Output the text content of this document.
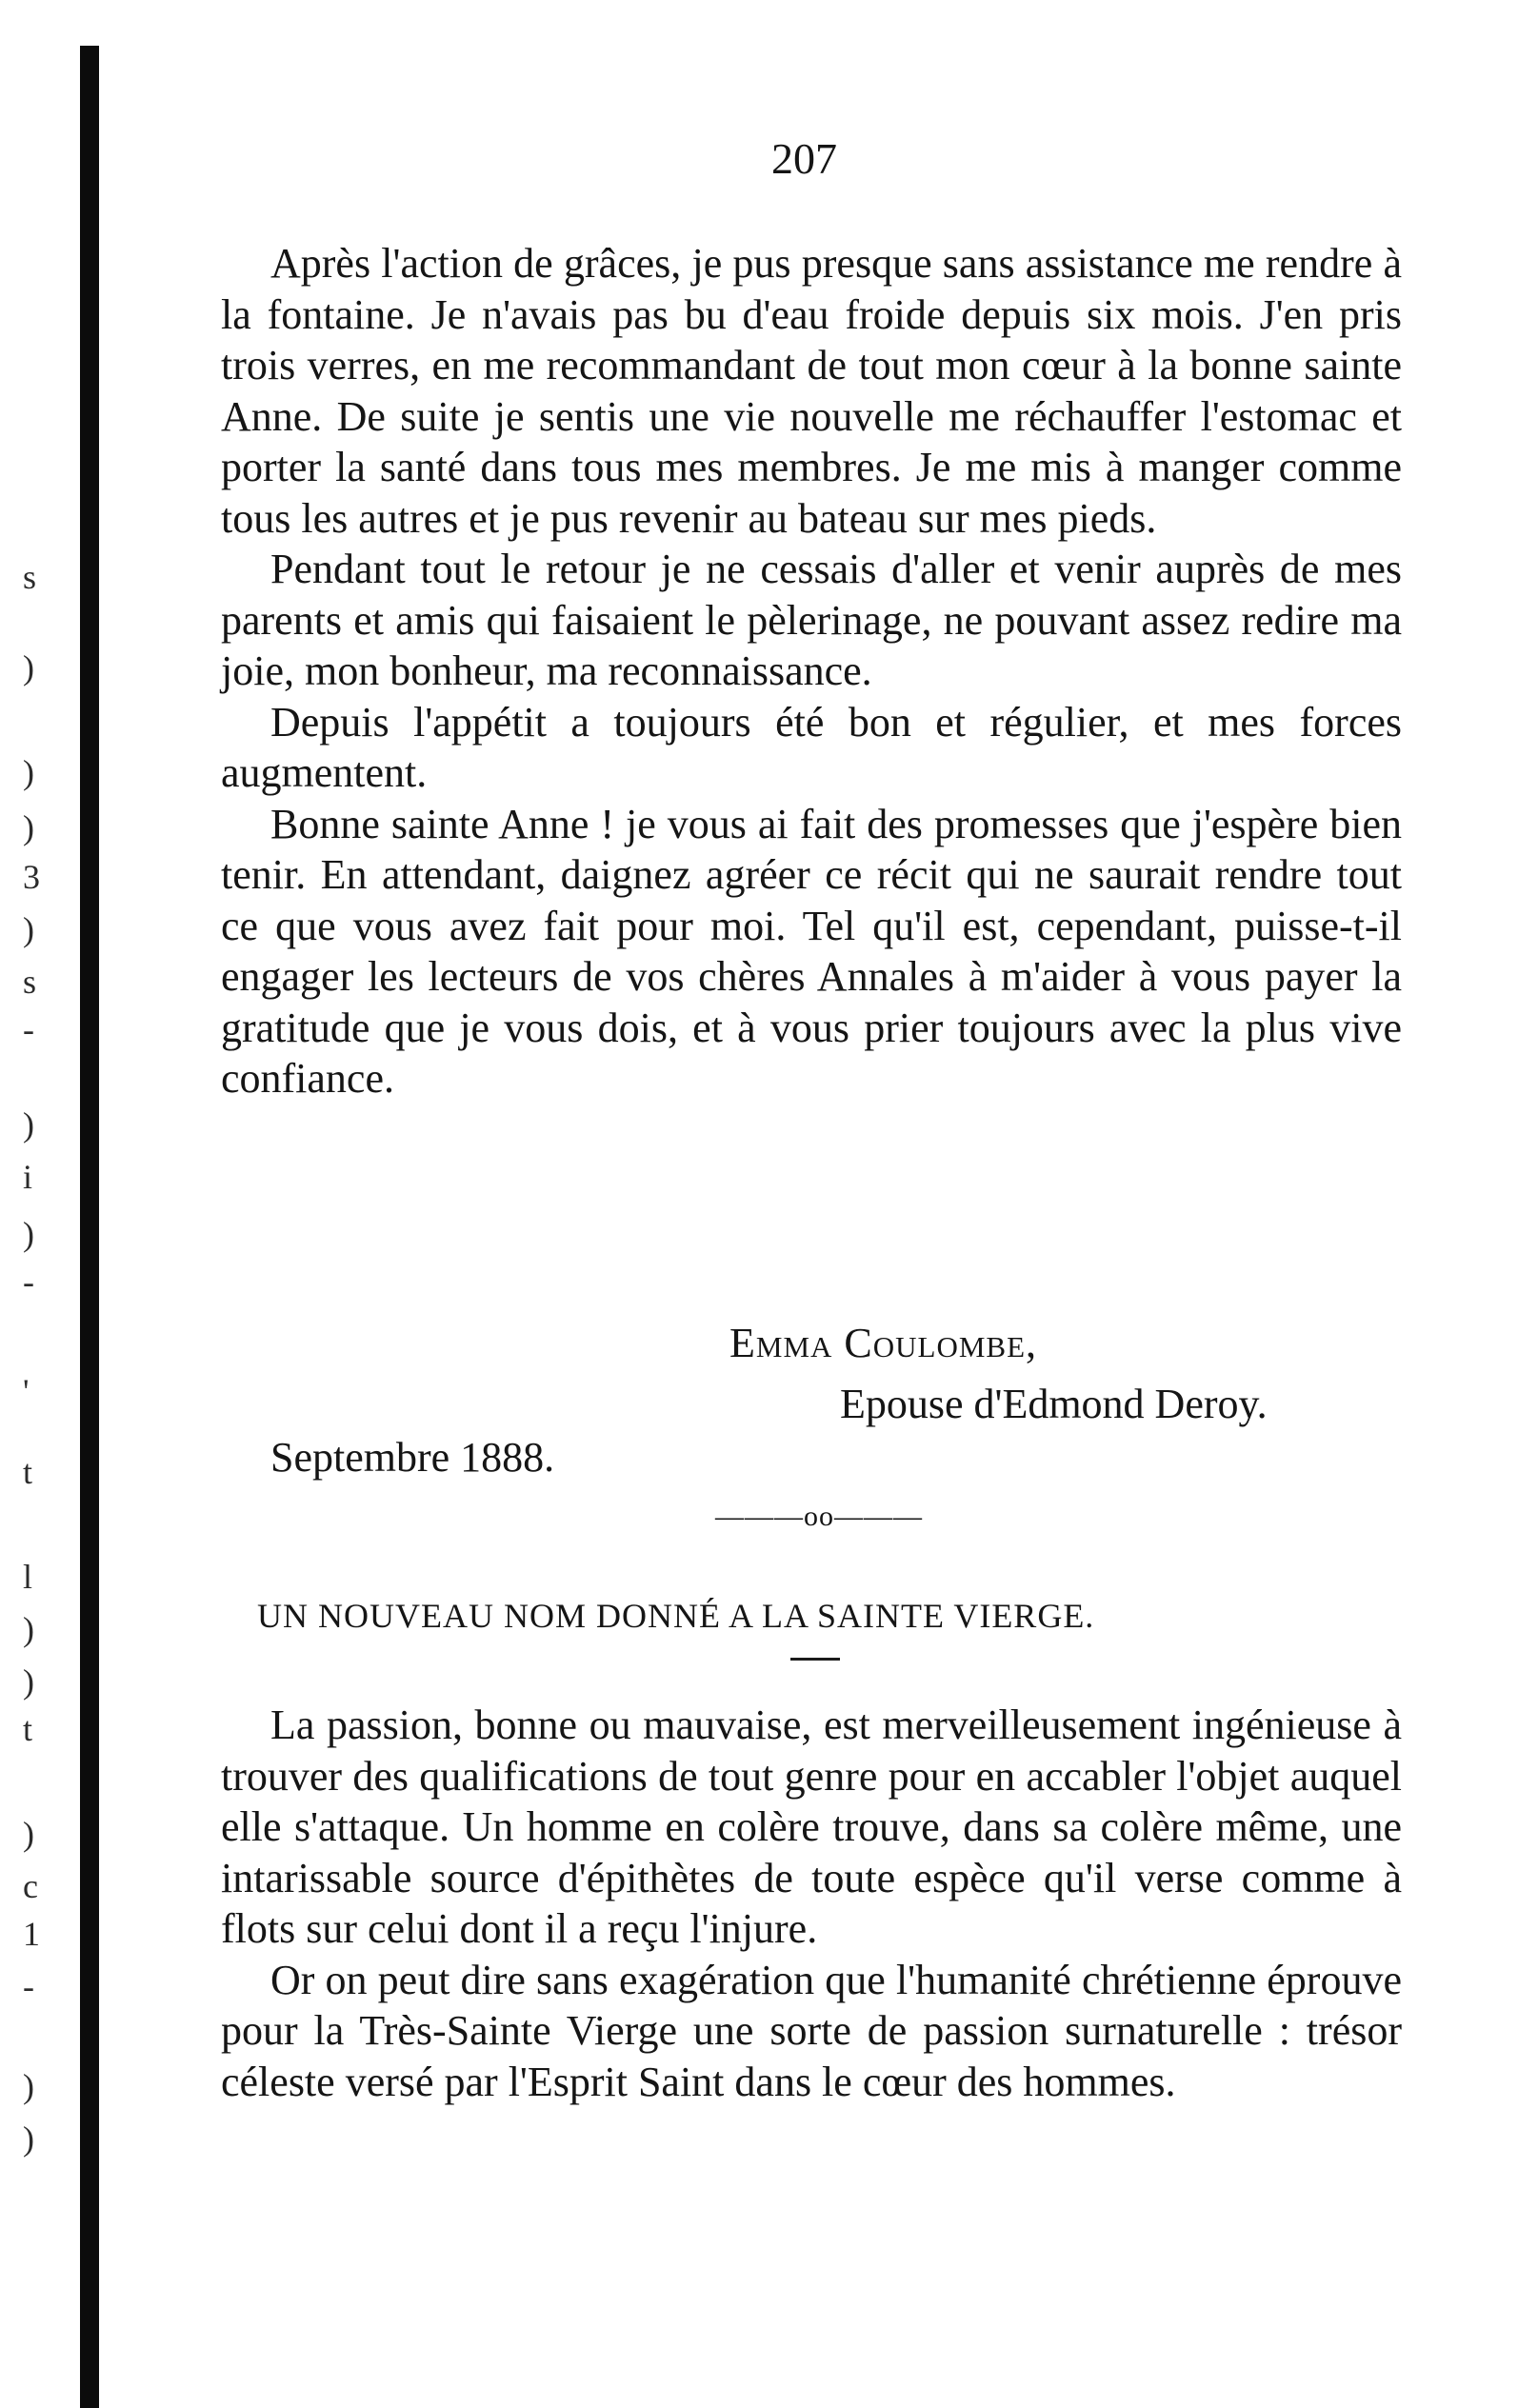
s
)
)
)
3
)
s
-
)
i
)
-
'
t
l
)
)
t
)
c
1
-
)
)
207

Après l'action de grâces, je pus presque sans assistance me rendre à la fontaine. Je n'avais pas bu d'eau froide depuis six mois. J'en pris trois verres, en me recommandant de tout mon cœur à la bonne sainte Anne. De suite je sentis une vie nouvelle me réchauffer l'estomac et porter la santé dans tous mes membres. Je me mis à manger comme tous les autres et je pus revenir au bateau sur mes pieds.

Pendant tout le retour je ne cessais d'aller et venir auprès de mes parents et amis qui faisaient le pèlerinage, ne pouvant assez redire ma joie, mon bonheur, ma reconnaissance.

Depuis l'appétit a toujours été bon et régulier, et mes forces augmentent.

Bonne sainte Anne ! je vous ai fait des promesses que j'espère bien tenir. En attendant, daignez agréer ce récit qui ne saurait rendre tout ce que vous avez fait pour moi. Tel qu'il est, cependant, puisse-t-il engager les lecteurs de vos chères Annales à m'aider à vous payer la gratitude que je vous dois, et à vous prier toujours avec la plus vive confiance.

Emma Coulombe,
Epouse d'Edmond Deroy.
Septembre 1888.
———oo———
UN NOUVEAU NOM DONNÉ A LA SAINTE VIERGE.

La passion, bonne ou mauvaise, est merveilleusement ingénieuse à trouver des qualifications de tout genre pour en accabler l'objet auquel elle s'attaque. Un homme en colère trouve, dans sa colère même, une intarissable source d'épithètes de toute espèce qu'il verse comme à flots sur celui dont il a reçu l'injure.

Or on peut dire sans exagération que l'humanité chrétienne éprouve pour la Très-Sainte Vierge une sorte de passion surnaturelle : trésor céleste versé par l'Esprit Saint dans le cœur des hommes.
